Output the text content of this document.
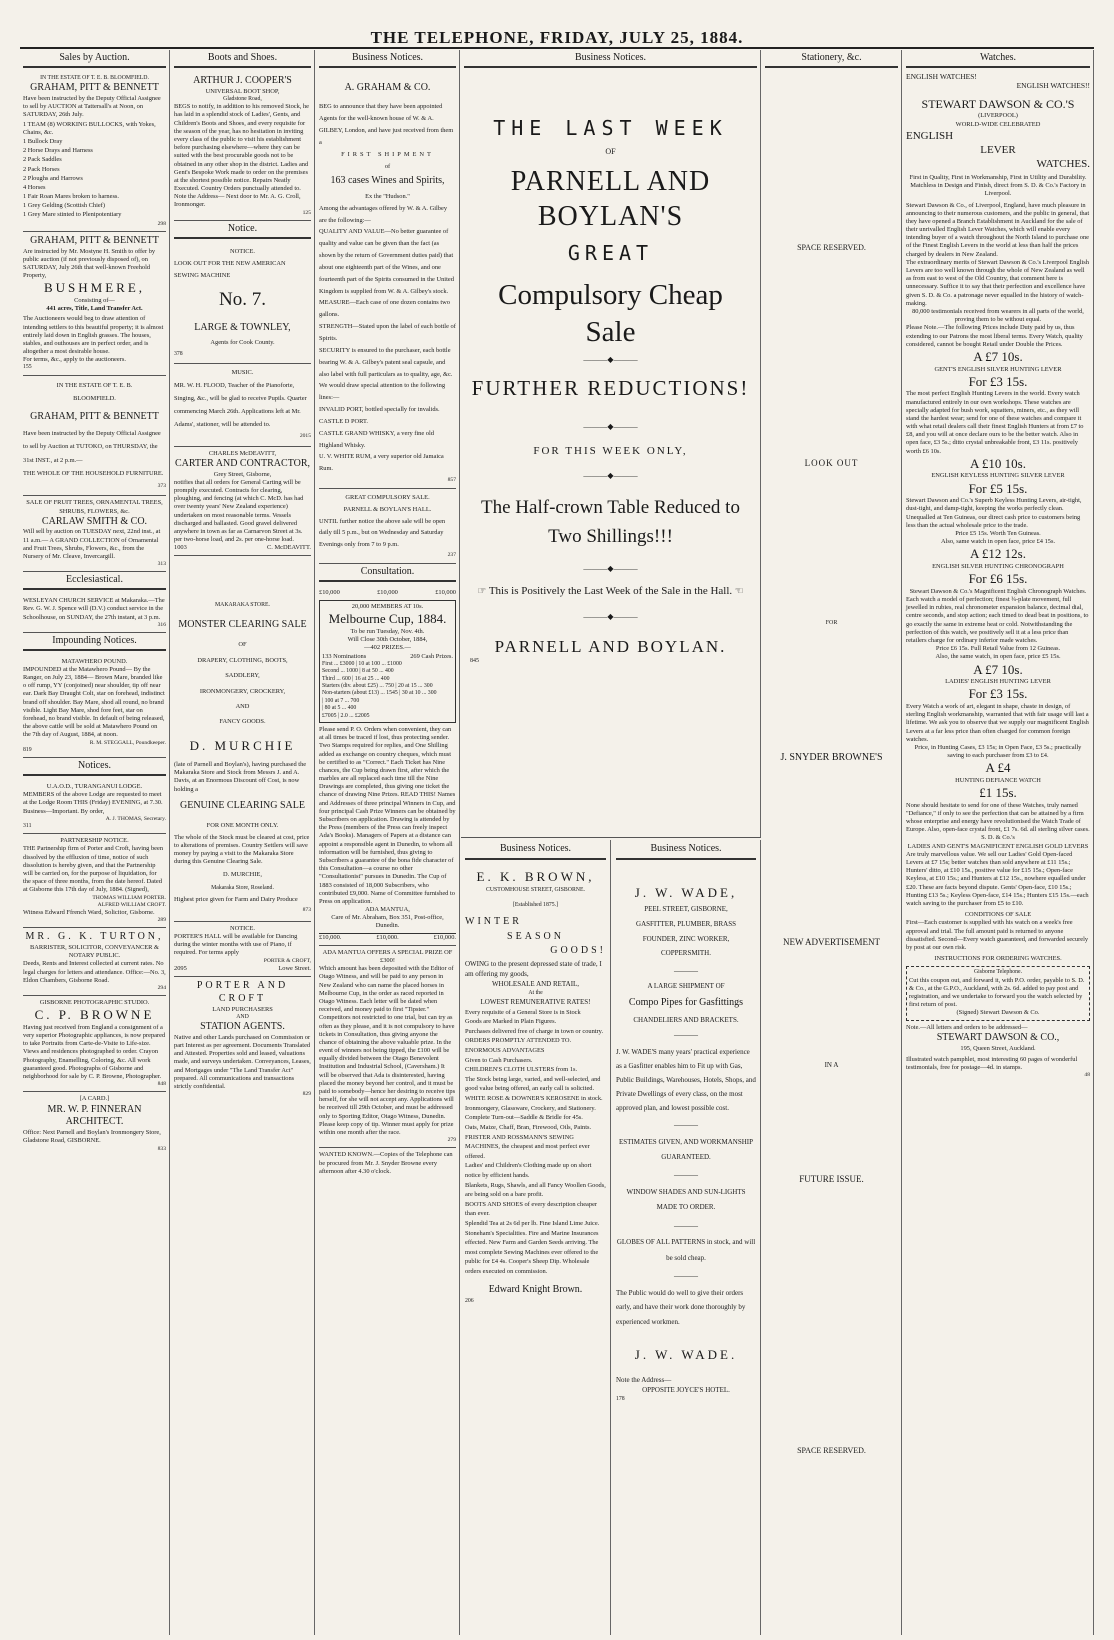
THE TELEPHONE, FRIDAY, JULY 25, 1884.
Sales by Auction.
IN THE ESTATE OF T. E. B. BLOOMFIELD.
GRAHAM, PITT & BENNETT
Have been instructed by the Deputy Official Assignee to sell by AUCTION at Tattersall's at Noon, on SATURDAY, 26th July.
1 TEAM (8) WORKING BULLOCKS, with Yokes, Chains, &c.
1 Bullock Dray
2 Horse Drays and Harness
2 Pack Saddles
2 Pack Horses
2 Ploughs and Harrows
4 Horses
1 Fair Roan Mares broken to harness.
1 Grey Gelding (Scottish Chief)
1 Grey Mare stinted to Plenipotentiary
298
GRAHAM, PITT & BENNETT
Are instructed by Mr. Mostyne H. Smith to offer by public auction (if not previously disposed of), on SATURDAY, July 26th that well-known Freehold Property,
BUSHMERE,
Consisting of—
441 acres, Title, Land Transfer Act.
The Auctioneers would beg to draw attention of intending settlers to this beautiful property; it is almost entirely laid down in English grasses. The houses, stables, and outhouses are in perfect order, and is altogether a most desirable house.
For terms, &c., apply to the auctioneers.
155
IN THE ESTATE OF T. E. B.
BLOOMFIELD.
GRAHAM, PITT & BENNETT
Have been instructed by the Deputy Official Assignee to sell by Auction at TUTOKO, on THURSDAY, the 31st INST., at 2 p.m.—
THE WHOLE OF THE HOUSEHOLD FURNITURE.
373
SALE OF FRUIT TREES, ORNAMENTAL TREES, SHRUBS, FLOWERS, &c.
CARLAW SMITH & CO.
Will sell by auction on TUESDAY next, 22nd inst., at 11 a.m.— A GRAND COLLECTION of Ornamental and Fruit Trees, Shrubs, Flowers, &c., from the Nursery of Mr. Cleave, Invercargill.
313
Ecclesiastical.
WESLEYAN CHURCH SERVICE at Makaraka.—The Rev. G. W. J. Spence will (D.V.) conduct service in the Schoolhouse, on SUNDAY, the 27th instant, at 3 p.m.
316
Impounding Notices.
MATAWHERO POUND.
IMPOUNDED at the Matawhero Pound— By the Ranger, on July 23, 1884— Brown Mare, branded like o off rump, YY (conjoined) near shoulder, tip off near ear. Dark Bay Draught Colt, star on forehead, indistinct brand off shoulder. Bay Mare, shod all round, no brand visible. Light Bay Mare, shod fore feet, star on forehead, no brand visible. In default of being released, the above cattle will be sold at Matawhero Pound on the 7th day of August, 1884, at noon.
R. M. STEGGALL, Poundkeeper.
819
Notices.
U.A.O.D., TURANGANUI LODGE.
MEMBERS of the above Lodge are requested to meet at the Lodge Room THIS (Friday) EVENING, at 7.30. Business—Important. By order,
A. J. THOMAS, Secretary.
311
PARTNERSHIP NOTICE.
THE Partnership firm of Porter and Croft, having been dissolved by the effluxion of time, notice of such dissolution is hereby given, and that the Partnership will be carried on, for the purpose of liquidation, for the space of three months, from the date hereof. Dated at Gisborne this 17th day of July, 1884. (Signed),
THOMAS WILLIAM PORTER.
ALFRED WILLIAM CROFT.
Witness Edward Ffrench Ward, Solicitor, Gisborne.
289
MR. G. K. TURTON,
BARRISTER, SOLICITOR, CONVEYANCER & NOTARY PUBLIC.
Deeds, Rents and Interest collected at current rates. No legal charges for letters and attendance. Office:—No. 3, Eldon Chambers, Gisborne Road.
294
GISBORNE PHOTOGRAPHIC STUDIO.
C. P. BROWNE
Having just received from England a consignment of a very superior Photographic appliances, is now prepared to take Portraits from Carte-de-Visite to Life-size. Views and residences photographed to order. Crayon Photography, Enamelling, Coloring, &c. All work guaranteed good. Photographs of Gisborne and neighborhood for sale by C. P. Browne, Photographer.
848
[A CARD.]
MR. W. P. FINNERAN ARCHITECT.
Office: Next Parnell and Boylan's Ironmongery Store, Gladstone Road, GISBORNE.
833
Boots and Shoes.
ARTHUR J. COOPER'S
UNIVERSAL BOOT SHOP,
Gladstone Road,
BEGS to notify, in addition to his removed Stock, he has laid in a splendid stock of Ladies', Gents, and Children's Boots and Shoes, and every requisite for the season of the year, has no hesitation in inviting every class of the public to visit his establishment before purchasing elsewhere—where they can be suited with the best procurable goods not to be obtained in any other shop in the district. Ladies and Gent's Bespoke Work made to order on the premises at the shortest possible notice. Repairs Neatly Executed. Country Orders punctually attended to. Note the Address— Next door to Mr. A. G. Croll, Ironmonger.
125
Notice.
NOTICE.
LOOK OUT FOR THE NEW AMERICAN SEWING MACHINE
No. 7.
LARGE & TOWNLEY,
Agents for Cook County.
378
MUSIC.
MR. W. H. FLOOD, Teacher of the Pianoforte, Singing, &c., will be glad to receive Pupils. Quarter commencing March 26th. Applications left at Mr. Adams', stationer, will be attended to.
2015
CHARLES McDEAVITT,
CARTER AND CONTRACTOR,
Grey Street, Gisborne,
notifies that all orders for General Carting will be promptly executed. Contracts for clearing, ploughing, and fencing (at which C. McD. has had over twenty years' New Zealand experience) undertaken on most reasonable terms. Vessels discharged and ballasted. Good gravel delivered anywhere in town as far as Carnarvon Street at 3s. per two-horse load, and 2s. per one-horse load.
1003	C. McDEAVITT.
MAKARAKA STORE.
MONSTER CLEARING SALE
OF
DRAPERY, CLOTHING, BOOTS,
SADDLERY,
IRONMONGERY, CROCKERY,
AND
FANCY GOODS.
D. MURCHIE
(late of Parnell and Boylan's), having purchased the Makaraka Store and Stock from Messrs J. and A. Davis, at an Enormous Discount off Cost, is now holding a
GENUINE CLEARING SALE
FOR ONE MONTH ONLY.
The whole of the Stock must be cleared at cost, price to alterations of premises. Country Settlers will save money by paying a visit to the Makaraka Store during this Genuine Clearing Sale.
D. MURCHIE,
Makaraka Store, Roseland.
Highest price given for Farm and Dairy Produce
873
NOTICE.
PORTER'S HALL will be available for Dancing during the winter months with use of Piano, if required. For terms apply
PORTER & CROFT,
2095	Lowe Street.
PORTER AND CROFT
LAND PURCHASERS
AND
STATION AGENTS.
Native and other Lands purchased on Commission or part Interest as per agreement. Documents Translated and Attested. Properties sold and leased, valuations made, and surveys undertaken. Conveyances, Leases, and Mortgages under "The Land Transfer Act" prepared. All communications and transactions strictly confidential.
829
Business Notices.
A. GRAHAM & CO.
BEG to announce that they have been appointed Agents for the well-known house of W. & A. GILBEY, London, and have just received from them a
FIRST SHIPMENT
of
163 cases Wines and Spirits,
Ex the "Hudson."
Among the advantages offered by W. & A. Gilbey are the following:—
QUALITY AND VALUE—No better guarantee of quality and value can be given than the fact (as shown by the return of Government duties paid) that about one eighteenth part of the Wines, and one fourteenth part of the Spirits consumed in the United Kingdom is supplied from W. & A. Gilbey's stock.
MEASURE—Each case of one dozen contains two gallons.
STRENGTH—Stated upon the label of each bottle of Spirits.
SECURITY is ensured to the purchaser, each bottle bearing W. & A. Gilbey's patent seal capsule, and also label with full particulars as to quality, age, &c.
We would draw special attention to the following lines:—
INVALID PORT, bottled specially for invalids.
CASTLE D PORT.
CASTLE GRAND WHISKY, a very fine old Highland Whisky.
U. V. WHITE RUM, a very superior old Jamaica Rum.
857
GREAT COMPULSORY SALE.
PARNELL & BOYLAN'S HALL.
UNTIL further notice the above sale will be open daily till 5 p.m., but on Wednesday and Saturday Evenings only from 7 to 9 p.m.
237
Consultation.
£10,000	£10,000	£10,000
20,000 MEMBERS AT 10s.
Melbourne Cup, 1884.
To be run Tuesday, Nov. 4th.
Will Close 30th October, 1884,
—402 PRIZES.—
133 Nominations	269 Cash Prizes.
First ... £3000 | 10 at 100 ... £1000
Second ... 1000 | 8 at 50 ... 400
Third ... 600 | 16 at 25 ... 400
Starters (div. about £25) ... 750 | 20 at 15 ... 300
Non-starters (about £13) ... 1545 | 30 at 10 ... 300
| 100 at 7 ... 700
| 80 at 5 ... 400
£7005 | 2.0 ... £2005
Please send P. O. Orders when convenient, they can at all times be traced if lost, thus protecting sender. Two Stamps required for replies, and One Shilling added as exchange on country cheques, which must be certified to as "Correct." Each Ticket has Nine chances, the Cup being drawn first, after which the marbles are all replaced each time till the Nine Drawings are completed, thus giving one ticket the chance of drawing Nine Prizes. READ THIS! Names and Addresses of three principal Winners in Cup, and four principal Cash Prize Winners can be obtained by Subscribers on application. Drawing is attended by the Press (members of the Press can freely inspect Ada's Books). Managers of Papers at a distance can appoint a responsible agent in Dunedin, to whom all information will be furnished, thus giving to Subscribers a guarantee of the bona fide character of this Consultation—a course no other "Consultationist" pursues in Dunedin. The Cup of 1883 consisted of 18,000 Subscribers, who contributed £9,000. Name of Committee furnished to Press on application.
ADA MANTUA,
Care of Mr. Abraham, Box 351, Post-office, Dunedin.
£10,000.	£10,000.	£10,000.
ADA MANTUA OFFERS A SPECIAL PRIZE OF £300!
Which amount has been deposited with the Editor of Otago Witness, and will be paid to any person in New Zealand who can name the placed horses in Melbourne Cup, in the order as raced reported in Otago Witness. Each letter will be dated when received, and money paid to first "Tipster." Competitors not restricted to one trial, but can try as often as they please, and it is not compulsory to have tickets in Consultation, thus giving anyone the chance of obtaining the above valuable prize. In the event of winners not being tipped, the £100 will be equally divided between the Otago Benevolent Institution and Industrial School, (Caversham.) It will be observed that Ada is disinterested, having placed the money beyond her control, and it must be paid to somebody—hence her desiring to receive tips herself, for she will not accept any. Applications will be received till 29th October, and must be addressed only to Sporting Editor, Otago Witness, Dunedin. Please keep copy of tip. Winner must apply for prize within one month after the race.
279
WANTED KNOWN.—Copies of the Telephone can be procured from Mr. J. Snyder Browne every afternoon after 4.30 o'clock.
Business Notices.
THE LAST WEEK
OF
PARNELL AND BOYLAN'S
GREAT
Compulsory Cheap Sale
———◆———
FURTHER REDUCTIONS!
———◆———
FOR THIS WEEK ONLY,
———◆———
The Half-crown Table Reduced to Two Shillings!!!
———◆———
☞ This is Positively the Last Week of the Sale in the Hall. ☜
———◆———
PARNELL AND BOYLAN.
845
Business Notices.
E. K. BROWN,
CUSTOMHOUSE STREET, GISBORNE.
[Established 1875.]
WINTER
SEASON
GOODS!
OWING to the present depressed state of trade, I am offering my goods,
WHOLESALE AND RETAIL,
At the
LOWEST REMUNERATIVE RATES!
Every requisite of a General Store is in Stock
Goods are Marked in Plain Figures.
Purchases delivered free of charge in town or country.
ORDERS PROMPTLY ATTENDED TO.
ENORMOUS ADVANTAGES
Given to Cash Purchasers.
CHILDREN'S CLOTH ULSTERS from 1s.
The Stock being large, varied, and well-selected, and good value being offered, an early call is solicited.
WHITE ROSE & DOWNER'S KEROSENE in stock.
Ironmongery, Glassware, Crockery, and Stationery.
Complete Turn-out—Saddle & Bridle for 45s.
Oats, Maize, Chaff, Bran, Firewood, Oils, Paints.
FRISTER AND ROSSMANN'S SEWING MACHINES, the cheapest and most perfect ever offered.
Ladies' and Children's Clothing made up on short notice by efficient hands.
Blankets, Rugs, Shawls, and all Fancy Woollen Goods, are being sold on a bare profit.
BOOTS AND SHOES of every description cheaper than ever.
Splendid Tea at 2s 6d per lb. Fine Island Lime Juice. Stoneham's Specialities. Fire and Marine Insurances effected. New Farm and Garden Seeds arriving. The most complete Sewing Machines ever offered to the public for £4 4s. Cooper's Sheep Dip. Wholesale orders executed on commission.
Edward Knight Brown.
206
Business Notices.
J. W. WADE,
PEEL STREET, GISBORNE,
GASFITTER, PLUMBER, BRASS
FOUNDER, ZINC WORKER,
COPPERSMITH.
———
A LARGE SHIPMENT OF
Compo Pipes for Gasfittings
CHANDELIERS AND BRACKETS.
———
J. W. WADE'S many years' practical experience as a Gasfitter enables him to Fit up with Gas, Public Buildings, Warehouses, Hotels, Shops, and Private Dwellings of every class, on the most approved plan, and lowest possible cost.
———
ESTIMATES GIVEN, AND WORKMANSHIP GUARANTEED.
———
WINDOW SHADES AND SUN-LIGHTS MADE TO ORDER.
———
GLOBES OF ALL PATTERNS in stock, and will be sold cheap.
———
The Public would do well to give their orders early, and have their work done thoroughly by experienced workmen.
J. W. WADE.
Note the Address—
OPPOSITE JOYCE'S HOTEL.
178
Stationery, &c.
SPACE RESERVED.
LOOK OUT
FOR
J. SNYDER BROWNE'S
NEW ADVERTISEMENT
IN A
FUTURE ISSUE.
SPACE RESERVED.
Watches.
ENGLISH WATCHES!
ENGLISH WATCHES!!
STEWART DAWSON & CO.'S
(LIVERPOOL)
WORLD-WIDE CELEBRATED
ENGLISH
LEVER
WATCHES.
First in Quality, First in Workmanship, First in Utility and Durability. Matchless in Design and Finish, direct from S. D. & Co.'s Factory in Liverpool.
Stewart Dawson & Co., of Liverpool, England, have much pleasure in announcing to their numerous customers, and the public in general, that they have opened a Branch Establishment in Auckland for the sale of their unrivalled English Lever Watches, which will enable every intending buyer of a watch throughout the North Island to purchase one of the Finest English Levers in the world at less than half the prices charged by dealers in New Zealand.
The extraordinary merits of Stewart Dawson & Co.'s Liverpool English Levers are too well known through the whole of New Zealand as well as from east to west of the Old Country, that comment here is unnecessary. Suffice it to say that their perfection and excellence have given S. D. & Co. a patronage never equalled in the history of watch-making.
80,000 testimonials received from wearers in all parts of the world, proving them to be without equal.
Please Note.—The following Prices include Duty paid by us, thus extending to our Patrons the most liberal terms. Every Watch, quality considered, cannot be bought Retail under Double the Prices.
A £7 10s.
GENT'S ENGLISH SILVER HUNTING LEVER
For £3 15s.
The most perfect English Hunting Levers in the world. Every watch manufactured entirely in our own workshops. These watches are specially adapted for bush work, squatters, miners, etc., as they will stand the hardest wear; send for one of these watches and compare it with what retail dealers call their finest English Hunters at from £7 to £8, and you will at once declare ours to be the better watch. Also in open face, £3 5s.; ditto crystal unbreakable front, £3 11s. positively worth £6 10s.
A £10 10s.
ENGLISH KEYLESS HUNTING SILVER LEVER
For £5 15s.
Stewart Dawson and Co.'s Superb Keyless Hunting Levers, air-tight, dust-tight, and damp-tight, keeping the works perfectly clean. Unequalled at Ten Guineas, our direct cash price to customers being less than the actual wholesale price to the trade.
Price £5 15s. Worth Ten Guineas.
Also, same watch in open face, price £4 15s.
A £12 12s.
ENGLISH SILVER HUNTING CHRONOGRAPH
For £6 15s.
Stewart Dawson & Co.'s Magnificent English Chronograph Watches.
Each watch a model of perfection; finest ¾-plate movement, full jewelled in rubies, real chronometer expansion balance, decimal dial, centre seconds, and stop action; each timed to dead beat in positions, to go exactly the same in extreme heat or cold. Notwithstanding the perfection of this watch, we positively sell it at a less price than retailers charge for ordinary inferior made watches.
Price £6 15s. Full Retail Value from 12 Guineas.
Also, the same watch, in open face, price £5 15s.
A £7 10s.
LADIES' ENGLISH HUNTING LEVER
For £3 15s.
Every Watch a work of art, elegant in shape, chaste in design, of sterling English workmanship, warranted that with fair usage will last a lifetime. We ask you to observe that we supply our magnificent English Levers at a far less price than often charged for common foreign watches.
Price, in Hunting Cases, £3 15s; in Open Face, £3 5s.; practically saving to each purchaser from £3 to £4.
A £4
HUNTING DEFIANCE WATCH
£1 15s.
None should hesitate to send for one of these Watches, truly named "Defiance," if only to see the perfection that can be attained by a firm whose enterprise and energy have revolutionised the Watch Trade of Europe. Also, open-face crystal front, £1 7s. 6d. all sterling silver cases.
S. D. & Co.'s
LADIES AND GENT'S MAGNIFICENT ENGLISH GOLD LEVERS
Are truly marvellous value. We sell our Ladies' Gold Open-faced Levers at £7 15s; better watches than sold anywhere at £11 15s.; Hunters' ditto, at £10 15s., positive value for £15 15s.; Open-face Keyless, at £10 15s.; and Hunters at £12 15s., nowhere equalled under £20. These are facts beyond dispute. Gents' Open-face, £10 15s.; Hunting £13 5s.; Keyless Open-face, £14 15s.; Hunters £15 15s.—each watch saving to the purchaser from £5 to £10.
CONDITIONS OF SALE
First—Each customer is supplied with his watch on a week's free approval and trial. The full amount paid is returned to anyone dissatisfied. Second—Every watch guaranteed, and forwarded securely by post at our own risk.
INSTRUCTIONS FOR ORDERING WATCHES.
Gisborne Telephone.
Cut this coupon out, and forward it, with P.O. order, payable to S. D. & Co., at the G.P.O., Auckland, with 2s. 6d. added to pay post and registration, and we undertake to forward you the watch selected by first return of post.
(Signed) Stewart Dawson & Co.
Note.—All letters and orders to be addressed—
STEWART DAWSON & CO.,
195, Queen Street, Auckland.
Illustrated watch pamphlet, most interesting 60 pages of wonderful testimonials, free for postage—4d. in stamps.
48
